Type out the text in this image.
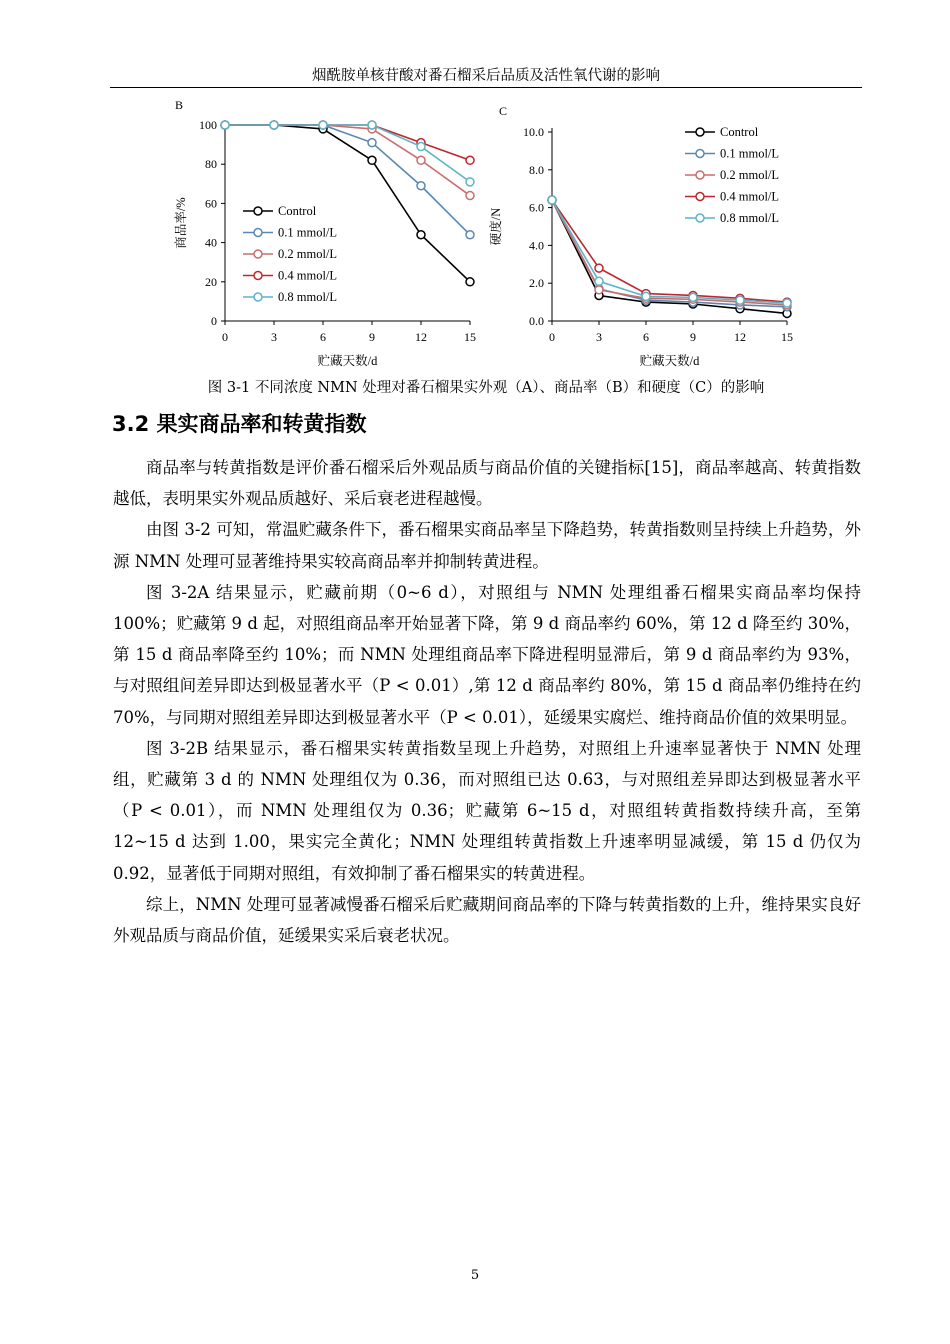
烟酰胺单核苷酸对番石榴采后品质及活性氧代谢的影响
B
0
20
40
60
80
100
0	3	6	9	12	15
贮藏天数/d
商品率/%	Control
0.1 mmol/L
0.2 mmol/L
0.4 mmol/L
0.8 mmol/L
C
0.0
2.0
4.0
6.0
8.0
10.0
0	3	6	9	12	15
贮藏天数/d
硬度/N
Control
0.1 mmol/L
0.2 mmol/L
0.4 mmol/L
0.8 mmol/L
图 3-1 不同浓度 NMN 处理对番石榴果实外观（A）、商品率（B）和硬度（C）的影响
3.2 果实商品率和转黄指数

商品率与转黄指数是评价番石榴采后外观品质与商品价值的关键指标[15]，商品率越高、转黄指数越低，表明果实外观品质越好、采后衰老进程越慢。

由图 3-2 可知，常温贮藏条件下，番石榴果实商品率呈下降趋势，转黄指数则呈持续上升趋势，外源 NMN 处理可显著维持果实较高商品率并抑制转黄进程。

图 3-2A 结果显示，贮藏前期（0~6 d），对照组与 NMN 处理组番石榴果实商品率均保持 100%；贮藏第 9 d 起，对照组商品率开始显著下降，第 9 d 商品率约 60%，第 12 d 降至约 30%，第 15 d 商品率降至约 10%；而 NMN 处理组商品率下降进程明显滞后，第 9 d 商品率约为 93%，与对照组间差异即达到极显著水平（P < 0.01）,第 12 d 商品率约 80%，第 15 d 商品率仍维持在约 70%，与同期对照组差异即达到极显著水平（P < 0.01），延缓果实腐烂、维持商品价值的效果明显。

图 3-2B 结果显示，番石榴果实转黄指数呈现上升趋势，对照组上升速率显著快于 NMN 处理组，贮藏第 3 d 的 NMN 处理组仅为 0.36，而对照组已达 0.63，与对照组差异即达到极显著水平（P < 0.01），而 NMN 处理组仅为 0.36；贮藏第 6~15 d，对照组转黄指数持续升高，至第 12~15 d 达到 1.00，果实完全黄化；NMN 处理组转黄指数上升速率明显减缓，第 15 d 仍仅为 0.92，显著低于同期对照组，有效抑制了番石榴果实的转黄进程。

综上，NMN 处理可显著减慢番石榴采后贮藏期间商品率的下降与转黄指数的上升，维持果实良好外观品质与商品价值，延缓果实采后衰老状况。

5
